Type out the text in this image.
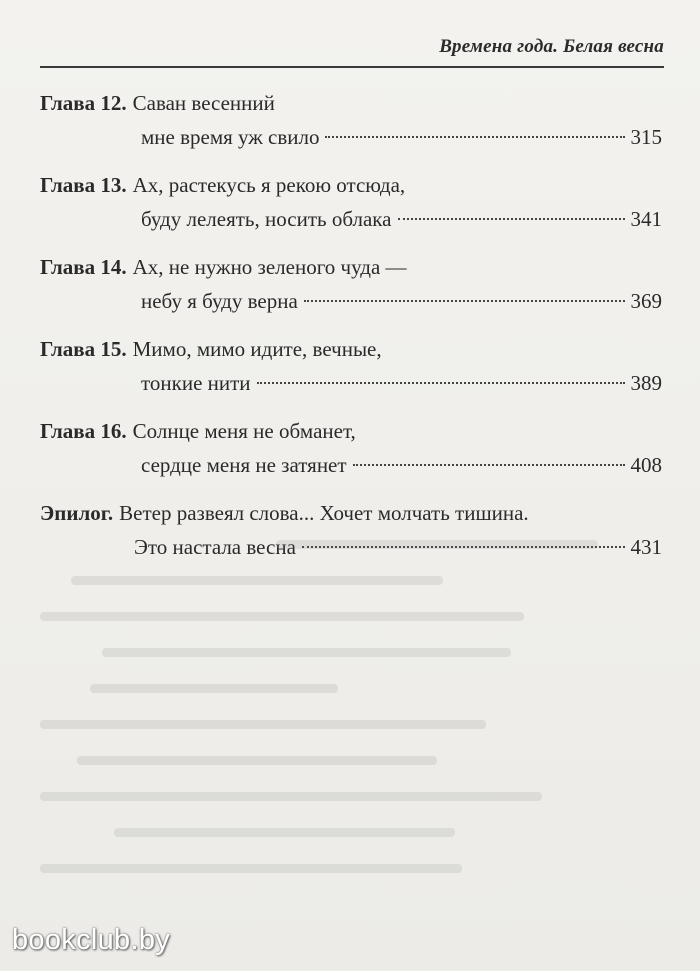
Времена года. Белая весна
Глава 12. Саван весенний
мне время уж свило	315
Глава 13. Ах, растекусь я рекою отсюда,
буду лелеять, носить облака	341
Глава 14. Ах, не нужно зеленого чуда —
небу я буду верна	369
Глава 15. Мимо, мимо идите, вечные,
тонкие нити	389
Глава 16. Солнце меня не обманет,
сердце меня не затянет	408
Эпилог. Ветер развеял слова... Хочет молчать тишина.
Это настала весна	431
bookclub.by
